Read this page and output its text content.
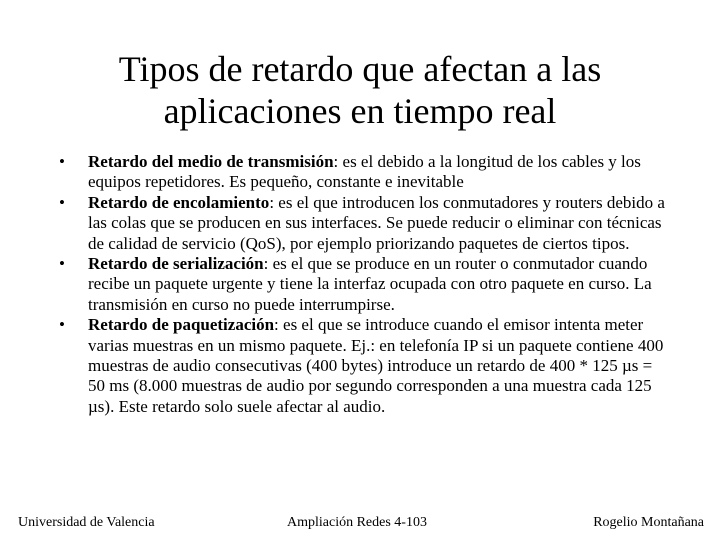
Tipos de retardo que afectan a las
aplicaciones en tiempo real
• Retardo del medio de transmisión: es el debido a la longitud de los cables y los equipos repetidores. Es pequeño, constante e inevitable
• Retardo de encolamiento: es el que introducen los conmutadores y routers debido a las colas que se producen en sus interfaces. Se puede reducir o eliminar con técnicas de calidad de servicio (QoS), por ejemplo priorizando paquetes de ciertos tipos.
• Retardo de serialización: es el que se produce en un router o conmutador cuando recibe un paquete urgente y tiene la interfaz ocupada con otro paquete en curso. La transmisión en curso no puede interrumpirse.
• Retardo de paquetización: es el que se introduce cuando el emisor intenta meter varias muestras en un mismo paquete. Ej.: en telefonía IP si un paquete contiene 400 muestras de audio consecutivas (400 bytes) introduce un retardo de 400 * 125 µs = 50 ms (8.000 muestras de audio por segundo corresponden a una muestra cada 125 µs). Este retardo solo suele afectar al audio.
Universidad de Valencia	Ampliación Redes 4-103	Rogelio Montañana
